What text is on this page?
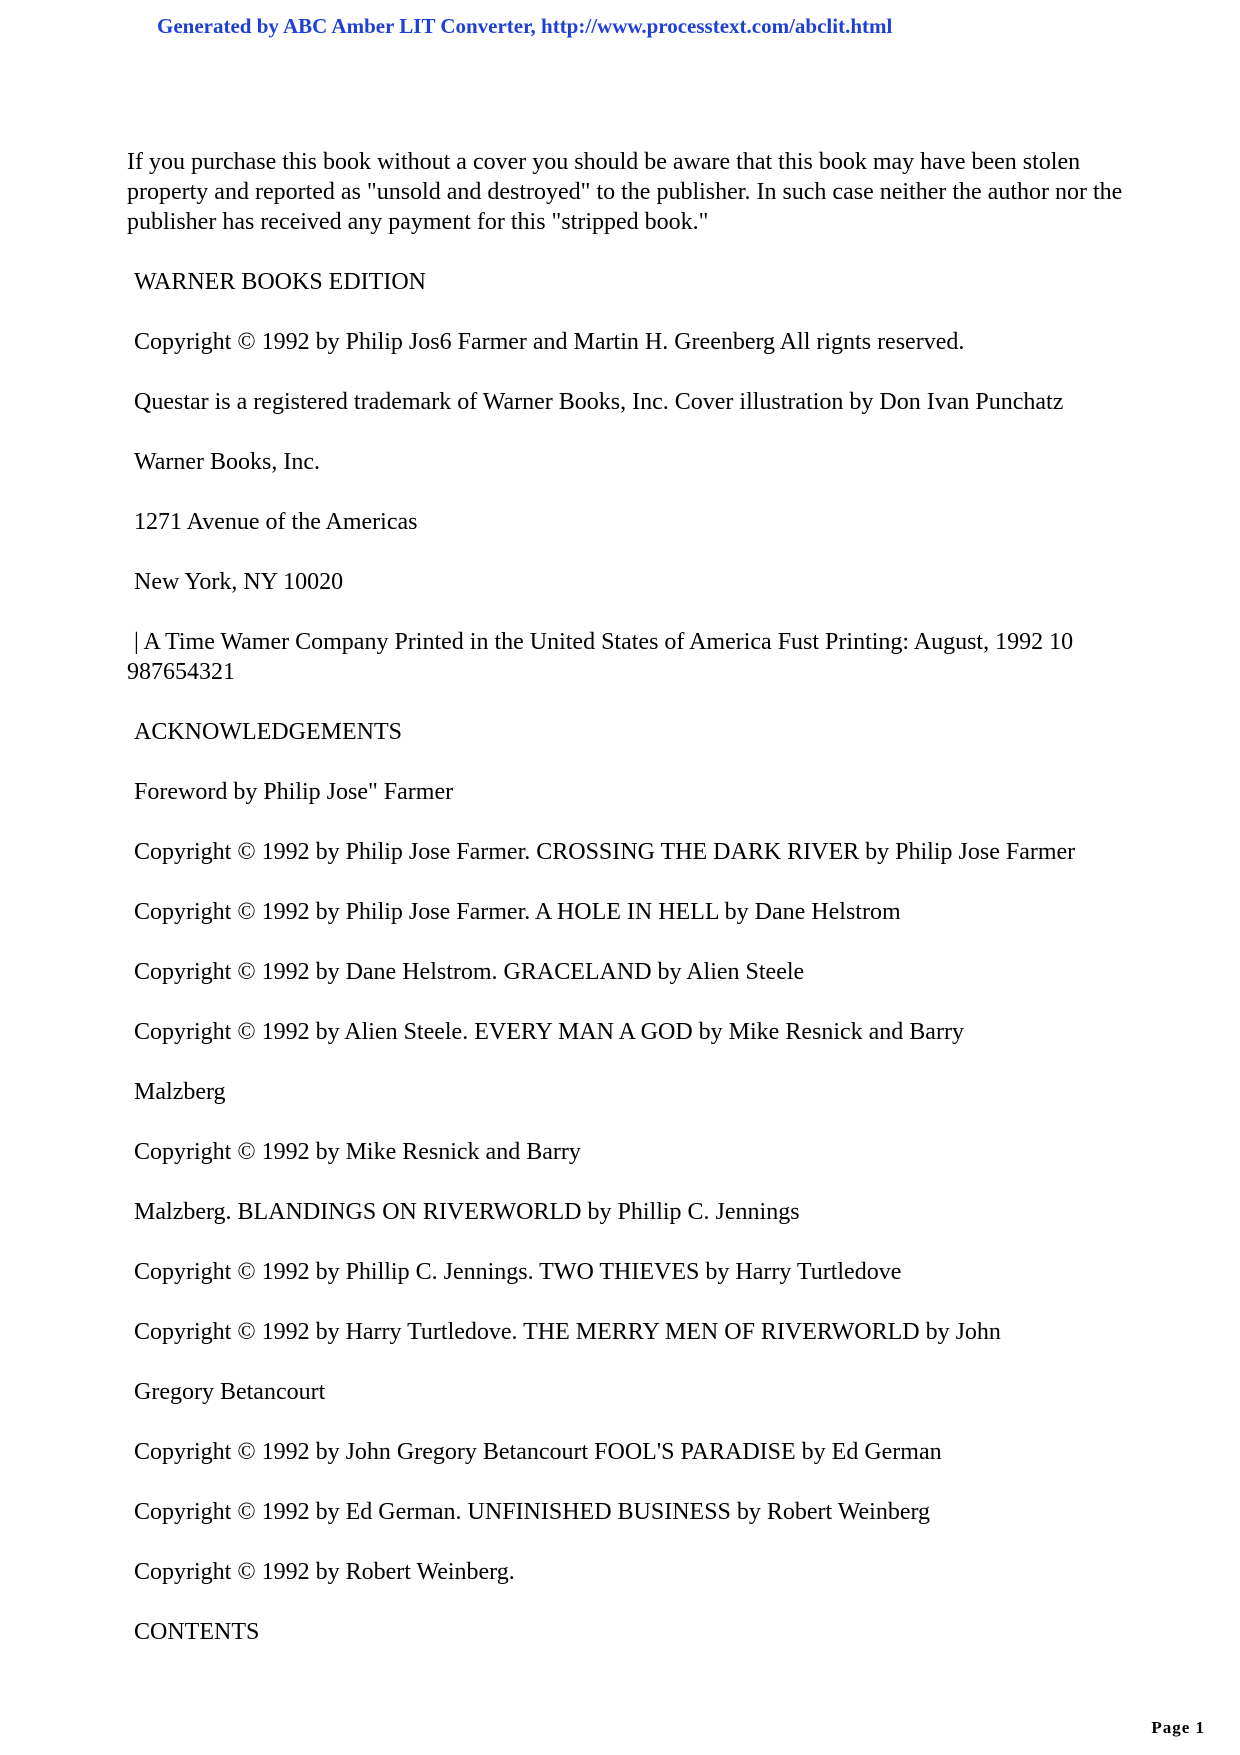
Generated by ABC Amber LIT Converter, http://www.processtext.com/abclit.html

If you purchase this book without a cover you should be aware that this book may have been stolen property and reported as "unsold and destroyed" to the publisher. In such case neither the author nor the publisher has received any payment for this "stripped book."

WARNER BOOKS EDITION

Copyright © 1992 by Philip Jos6 Farmer and Martin H. Greenberg All rignts reserved.

Questar is a registered trademark of Warner Books, Inc. Cover illustration by Don Ivan Punchatz

Warner Books, Inc.

1271 Avenue of the Americas

New York, NY 10020

| A Time Wamer Company Printed in the United States of America Fust Printing: August, 1992 10 987654321

ACKNOWLEDGEMENTS

Foreword by Philip Jose" Farmer

Copyright © 1992 by Philip Jose Farmer. CROSSING THE DARK RIVER by Philip Jose Farmer

Copyright © 1992 by Philip Jose Farmer. A HOLE IN HELL by Dane Helstrom

Copyright © 1992 by Dane Helstrom. GRACELAND by Alien Steele

Copyright © 1992 by Alien Steele. EVERY MAN A GOD by Mike Resnick and Barry

Malzberg

Copyright © 1992 by Mike Resnick and Barry

Malzberg. BLANDINGS ON RIVERWORLD by Phillip C. Jennings

Copyright © 1992 by Phillip C. Jennings. TWO THIEVES by Harry Turtledove

Copyright © 1992 by Harry Turtledove. THE MERRY MEN OF RIVERWORLD by John

Gregory Betancourt

Copyright © 1992 by John Gregory Betancourt FOOL'S PARADISE by Ed German

Copyright © 1992 by Ed German. UNFINISHED BUSINESS by Robert Weinberg

Copyright © 1992 by Robert Weinberg.

CONTENTS

Page 1
